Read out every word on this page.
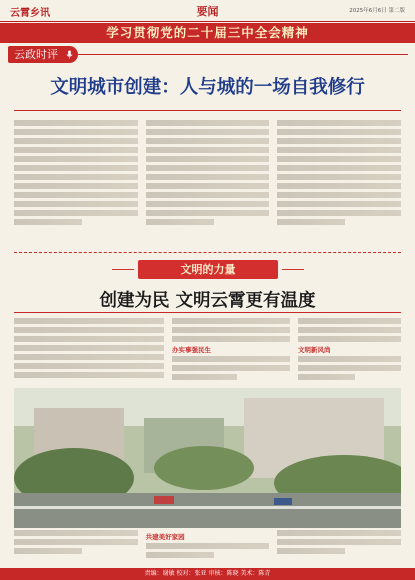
云霄乡讯	要闻	2025年6月6日 第二版
学习贯彻党的二十届三中全会精神
云政时评
文明城市创建：人与城的一场自我修行
文明的力量
创建为民 文明云霄更有温度
办实事强民生	文明新风尚
共建美好家园
责编：谢敏 校对：张亚 审核：陈晓 美术：陈青
